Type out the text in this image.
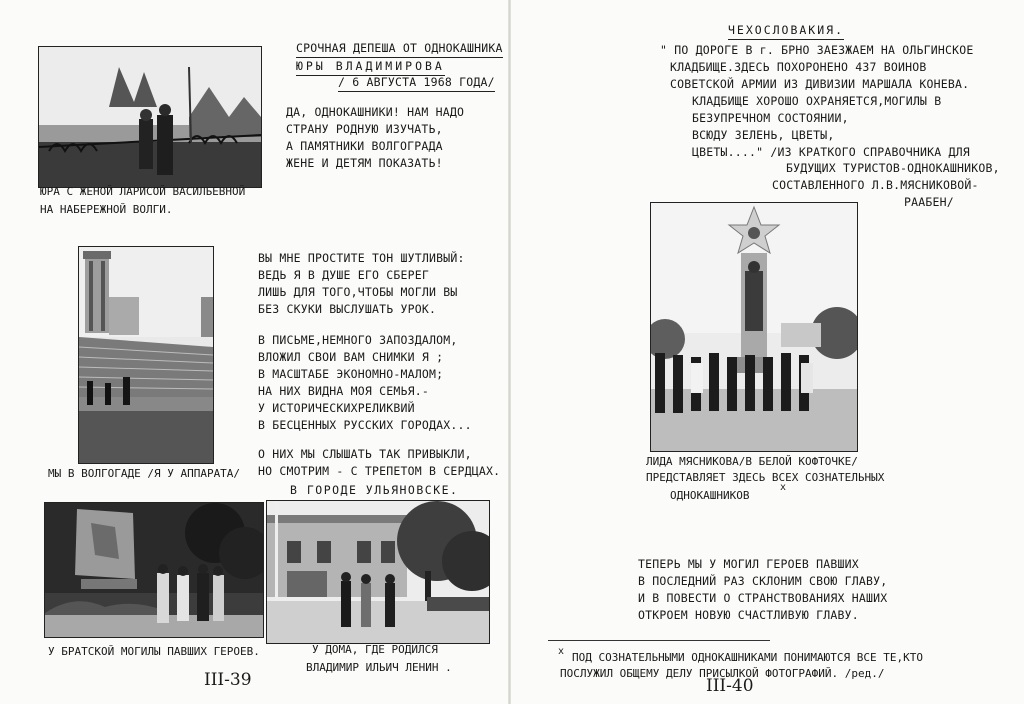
ЮРА С ЖЕНОЙ ЛАРИСОЙ ВАСИЛЬЕВНОЙ
НА НАБЕРЕЖНОЙ ВОЛГИ.
СРОЧНАЯ ДЕПЕША ОТ ОДНОКАШНИКА
ЮРЫ ВЛАДИМИРОВА
/ 6 АВГУСТА 1968 ГОДА/
ДА, ОДНОКАШНИКИ! НАМ НАДО
СТРАНУ РОДНУЮ ИЗУЧАТЬ,
А ПАМЯТНИКИ ВОЛГОГРАДА
ЖЕНЕ И ДЕТЯМ ПОКАЗАТЬ!
ВЫ МНЕ ПРОСТИТЕ ТОН ШУТЛИВЫЙ:
ВЕДЬ Я В ДУШЕ ЕГО СБЕРЕГ
ЛИШЬ ДЛЯ ТОГО,ЧТОБЫ МОГЛИ ВЫ
БЕЗ СКУКИ ВЫСЛУШАТЬ УРОК.
В ПИСЬМЕ,НЕМНОГО ЗАПОЗДАЛОМ,
ВЛОЖИЛ СВОИ ВАМ СНИМКИ Я ;
В МАСШТАБЕ ЭКОНОМНО-МАЛОМ;
НА НИХ ВИДНА МОЯ СЕМЬЯ.-
У ИСТОРИЧЕСКИХРЕЛИКВИЙ
В БЕСЦЕННЫХ РУССКИХ ГОРОДАХ...
О НИХ МЫ СЛЫШАТЬ ТАК ПРИВЫКЛИ,
НО СМОТРИМ - С ТРЕПЕТОМ В СЕРДЦАХ.
МЫ В ВОЛГОГАДЕ /Я У АППАРАТА/
В ГОРОДЕ УЛЬЯНОВСКЕ.
У БРАТСКОЙ МОГИЛЫ ПАВШИХ ГЕРОЕВ.	У ДОМА, ГДЕ РОДИЛСЯ
ВЛАДИМИР ИЛЬИЧ ЛЕНИН .
III-39
ЧЕХОСЛОВАКИЯ.
" ПО ДОРОГЕ В г. БРНО ЗАЕЗЖАЕМ НА ОЛЬГИНСКОЕ
КЛАДБИЩЕ.ЗДЕСЬ ПОХОРОНЕНО 437 ВОИНОВ
СОВЕТСКОЙ АРМИИ ИЗ ДИВИЗИИ МАРШАЛА КОНЕВА.
КЛАДБИЩЕ ХОРОШО ОХРАНЯЕТСЯ,МОГИЛЫ В
БЕЗУПРЕЧНОМ СОСТОЯНИИ,
ВСЮДУ ЗЕЛЕНЬ, ЦВЕТЫ,
ЦВЕТЫ...." /ИЗ КРАТКОГО СПРАВОЧНИКА ДЛЯ
БУДУЩИХ ТУРИСТОВ-ОДНОКАШНИКОВ,
СОСТАВЛЕННОГО Л.В.МЯСНИКОВОЙ-
РААБЕН/
ЛИДА МЯСНИКОВА/В БЕЛОЙ КОФТОЧКЕ/
ПРЕДСТАВЛЯЕТ ЗДЕСЬ ВСЕХ СОЗНАТЕЛЬНЫХ
ОДНОКАШНИКОВ
x
ТЕПЕРЬ МЫ У МОГИЛ ГЕРОЕВ ПАВШИХ
В ПОСЛЕДНИЙ РАЗ СКЛОНИМ СВОЮ ГЛАВУ,
И В ПОВЕСТИ О СТРАНСТВОВАНИЯХ НАШИХ
ОТКРОЕМ НОВУЮ СЧАСТЛИВУЮ ГЛАВУ.
x ПОД СОЗНАТЕЛЬНЫМИ ОДНОКАШНИКАМИ ПОНИМАЮТСЯ ВСЕ ТЕ,КТО
ПОСЛУЖИЛ ОБЩЕМУ ДЕЛУ ПРИСЫЛКОЙ ФОТОГРАФИЙ. /ред./
III-40
